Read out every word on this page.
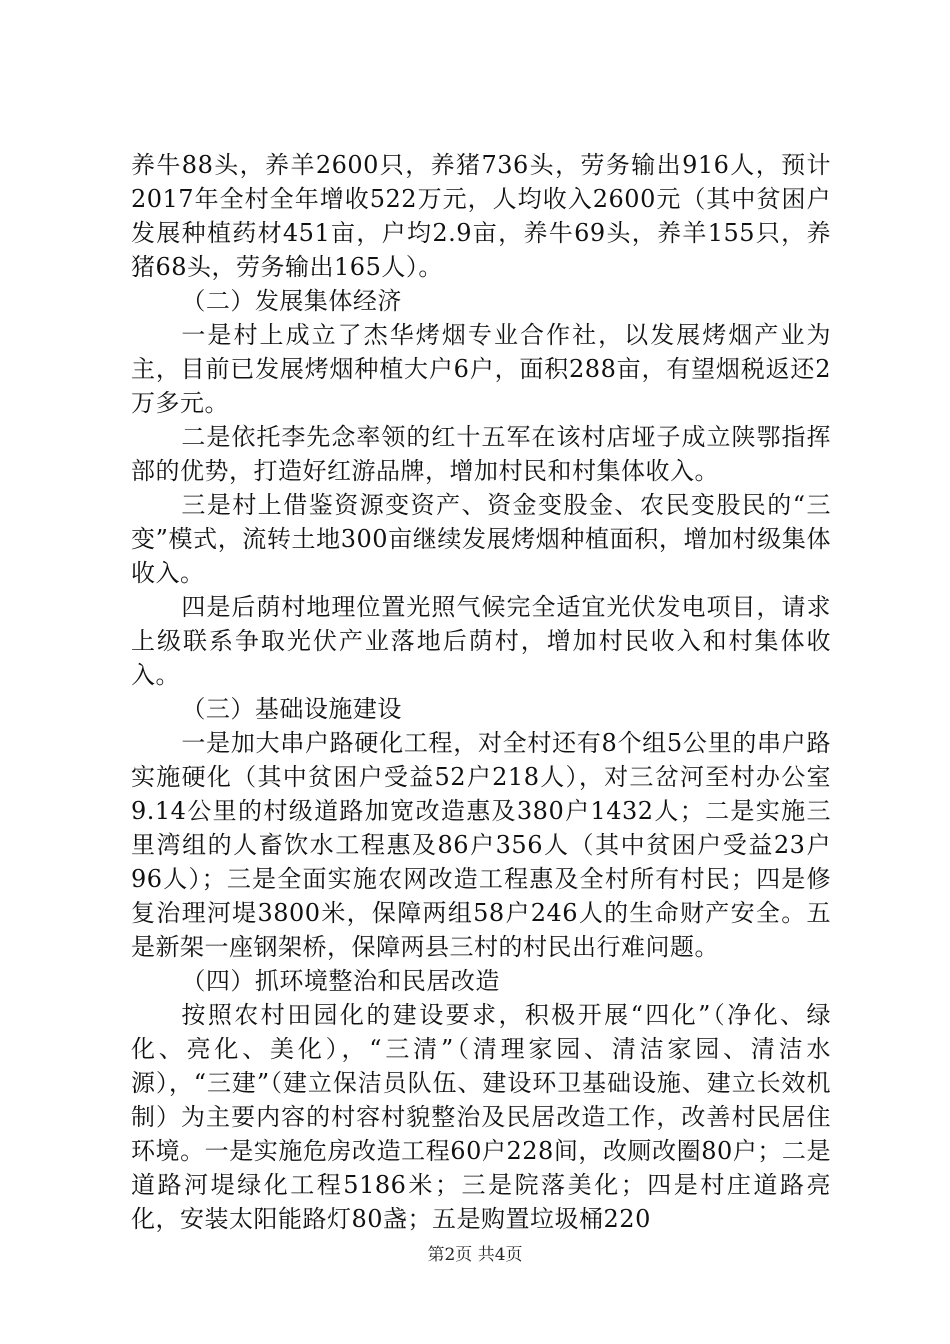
养牛88头，养羊2600只，养猪736头，劳务输出916人，预计2017年全村全年增收522万元，人均收入2600元（其中贫困户发展种植药材451亩，户均2.9亩，养牛69头，养羊155只，养猪68头，劳务输出165人）。

（二）发展集体经济

一是村上成立了杰华烤烟专业合作社，以发展烤烟产业为主，目前已发展烤烟种植大户6户，面积288亩，有望烟税返还2万多元。

二是依托李先念率领的红十五军在该村店垭子成立陕鄂指挥部的优势，打造好红游品牌，增加村民和村集体收入。

三是村上借鉴资源变资产、资金变股金、农民变股民的“三变”模式，流转土地300亩继续发展烤烟种植面积，增加村级集体收入。

四是后荫村地理位置光照气候完全适宜光伏发电项目，请求上级联系争取光伏产业落地后荫村，增加村民收入和村集体收入。

（三）基础设施建设

一是加大串户路硬化工程，对全村还有8个组5公里的串户路实施硬化（其中贫困户受益52户218人），对三岔河至村办公室9.14公里的村级道路加宽改造惠及380户1432人；二是实施三里湾组的人畜饮水工程惠及86户356人（其中贫困户受益23户96人）；三是全面实施农网改造工程惠及全村所有村民；四是修复治理河堤3800米，保障两组58户246人的生命财产安全。五是新架一座钢架桥，保障两县三村的村民出行难问题。

（四）抓环境整治和民居改造

按照农村田园化的建设要求，积极开展“四化”（净化、绿化、亮化、美化），“三清”（清理家园、清洁家园、清洁水源），“三建”（建立保洁员队伍、建设环卫基础设施、建立长效机制）为主要内容的村容村貌整治及民居改造工作，改善村民居住环境。一是实施危房改造工程60户228间，改厕改圈80户；二是道路河堤绿化工程5186米；三是院落美化；四是村庄道路亮化，安装太阳能路灯80盏；五是购置垃圾桶220

第2页 共4页
